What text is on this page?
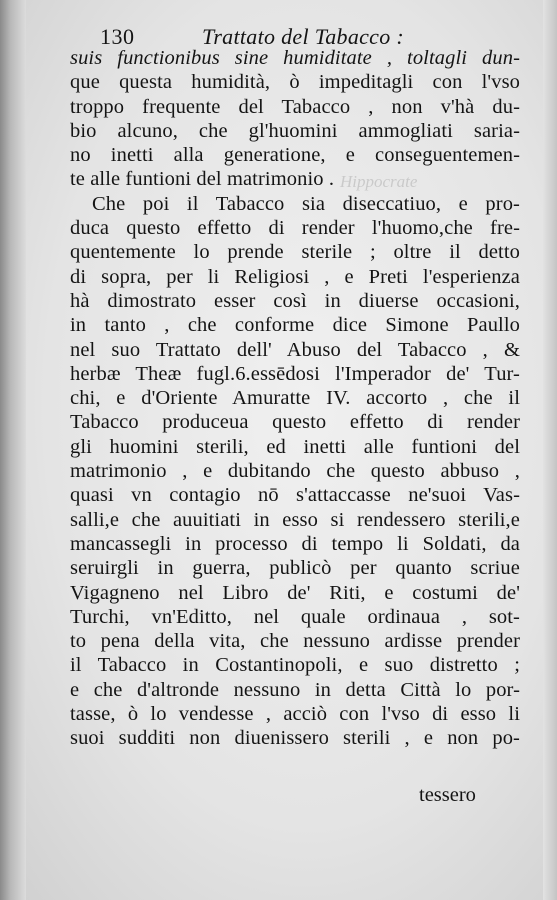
Hippocrate
130	Trattato del Tabacco :
suis functionibus sine humiditate , toltagli dun-
que questa humidità, ò impeditagli con l'vso
troppo frequente del Tabacco , non v'hà du-
bio alcuno, che gl'huomini ammogliati saria-
no inetti alla generatione, e conseguentemen-
te alle funtioni del matrimonio .
Che poi il Tabacco sia diseccatiuo, e pro-
duca questo effetto di render l'huomo,che fre-
quentemente lo prende sterile ; oltre il detto
di sopra, per li Religiosi , e Preti l'esperienza
hà dimostrato esser così in diuerse occasioni,
in tanto , che conforme dice Simone Paullo
nel suo Trattato dell' Abuso del Tabacco , &
herbæ Theæ fugl.6.essēdosi l'Imperador de' Tur-
chi, e d'Oriente Amuratte IV. accorto , che il
Tabacco produceua questo effetto di render
gli huomini sterili, ed inetti alle funtioni del
matrimonio , e dubitando che questo abbuso ,
quasi vn contagio nō s'attaccasse ne'suoi Vas-
salli,e che auuitiati in esso si rendessero sterili,e
mancassegli in processo di tempo li Soldati, da
seruirgli in guerra, publicò per quanto scriue
Vigagneno nel Libro de' Riti, e costumi de'
Turchi, vn'Editto, nel quale ordinaua , sot-
to pena della vita, che nessuno ardisse prender
il Tabacco in Costantinopoli, e suo distretto ;
e che d'altronde nessuno in detta Città lo por-
tasse, ò lo vendesse , acciò con l'vso di esso li
suoi sudditi non diuenissero sterili , e non po-
tessero
